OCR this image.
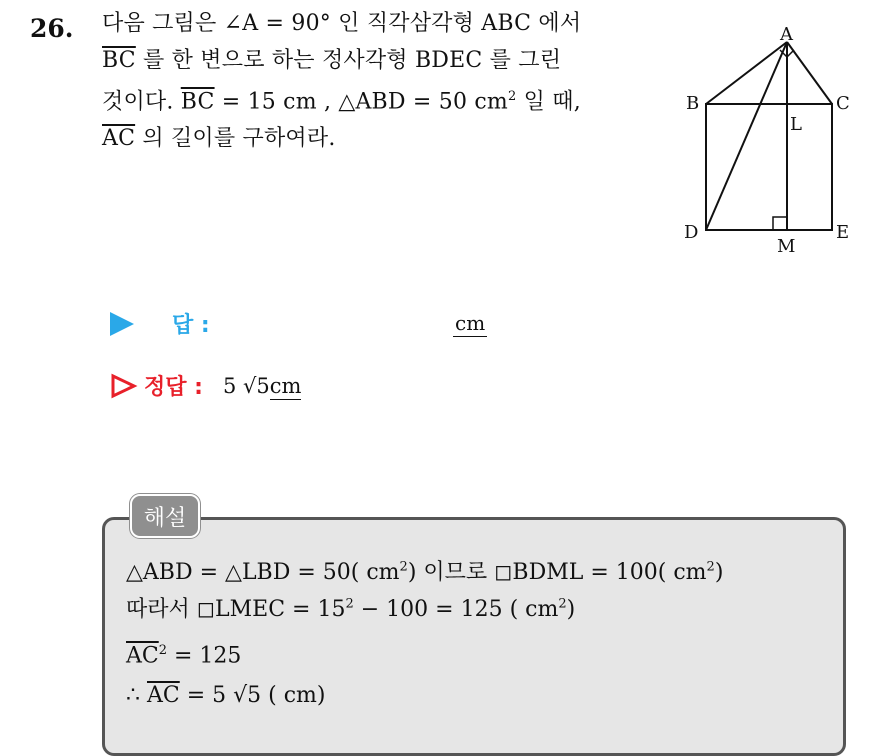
26. 다음 그림은 ∠A = 90° 인 직각삼각형 ABC 에서
$\overline{BC}$ 를 한 변으로 하는 정사각형 BDEC 를 그린
것이다. $\overline{BC} = 15$ cm , △ABD = 50 $cm^2$ 일 때,
$\overline{AC}$ 의 길이를 구하여라.
A
B	C
D	E
L
M
답 :	cm
정답 : 5 √5cm
해설
△ABD = △LBD = 50( $cm^2$) 이므로 ◻BDML = 100( $cm^2$)
따라서 ◻LMEC = $15^2 - 100 = 125$ ( $cm^2$)
$\overline{AC}^2 = 125$
∴ $\overline{AC} = 5$ √5 ( cm)
